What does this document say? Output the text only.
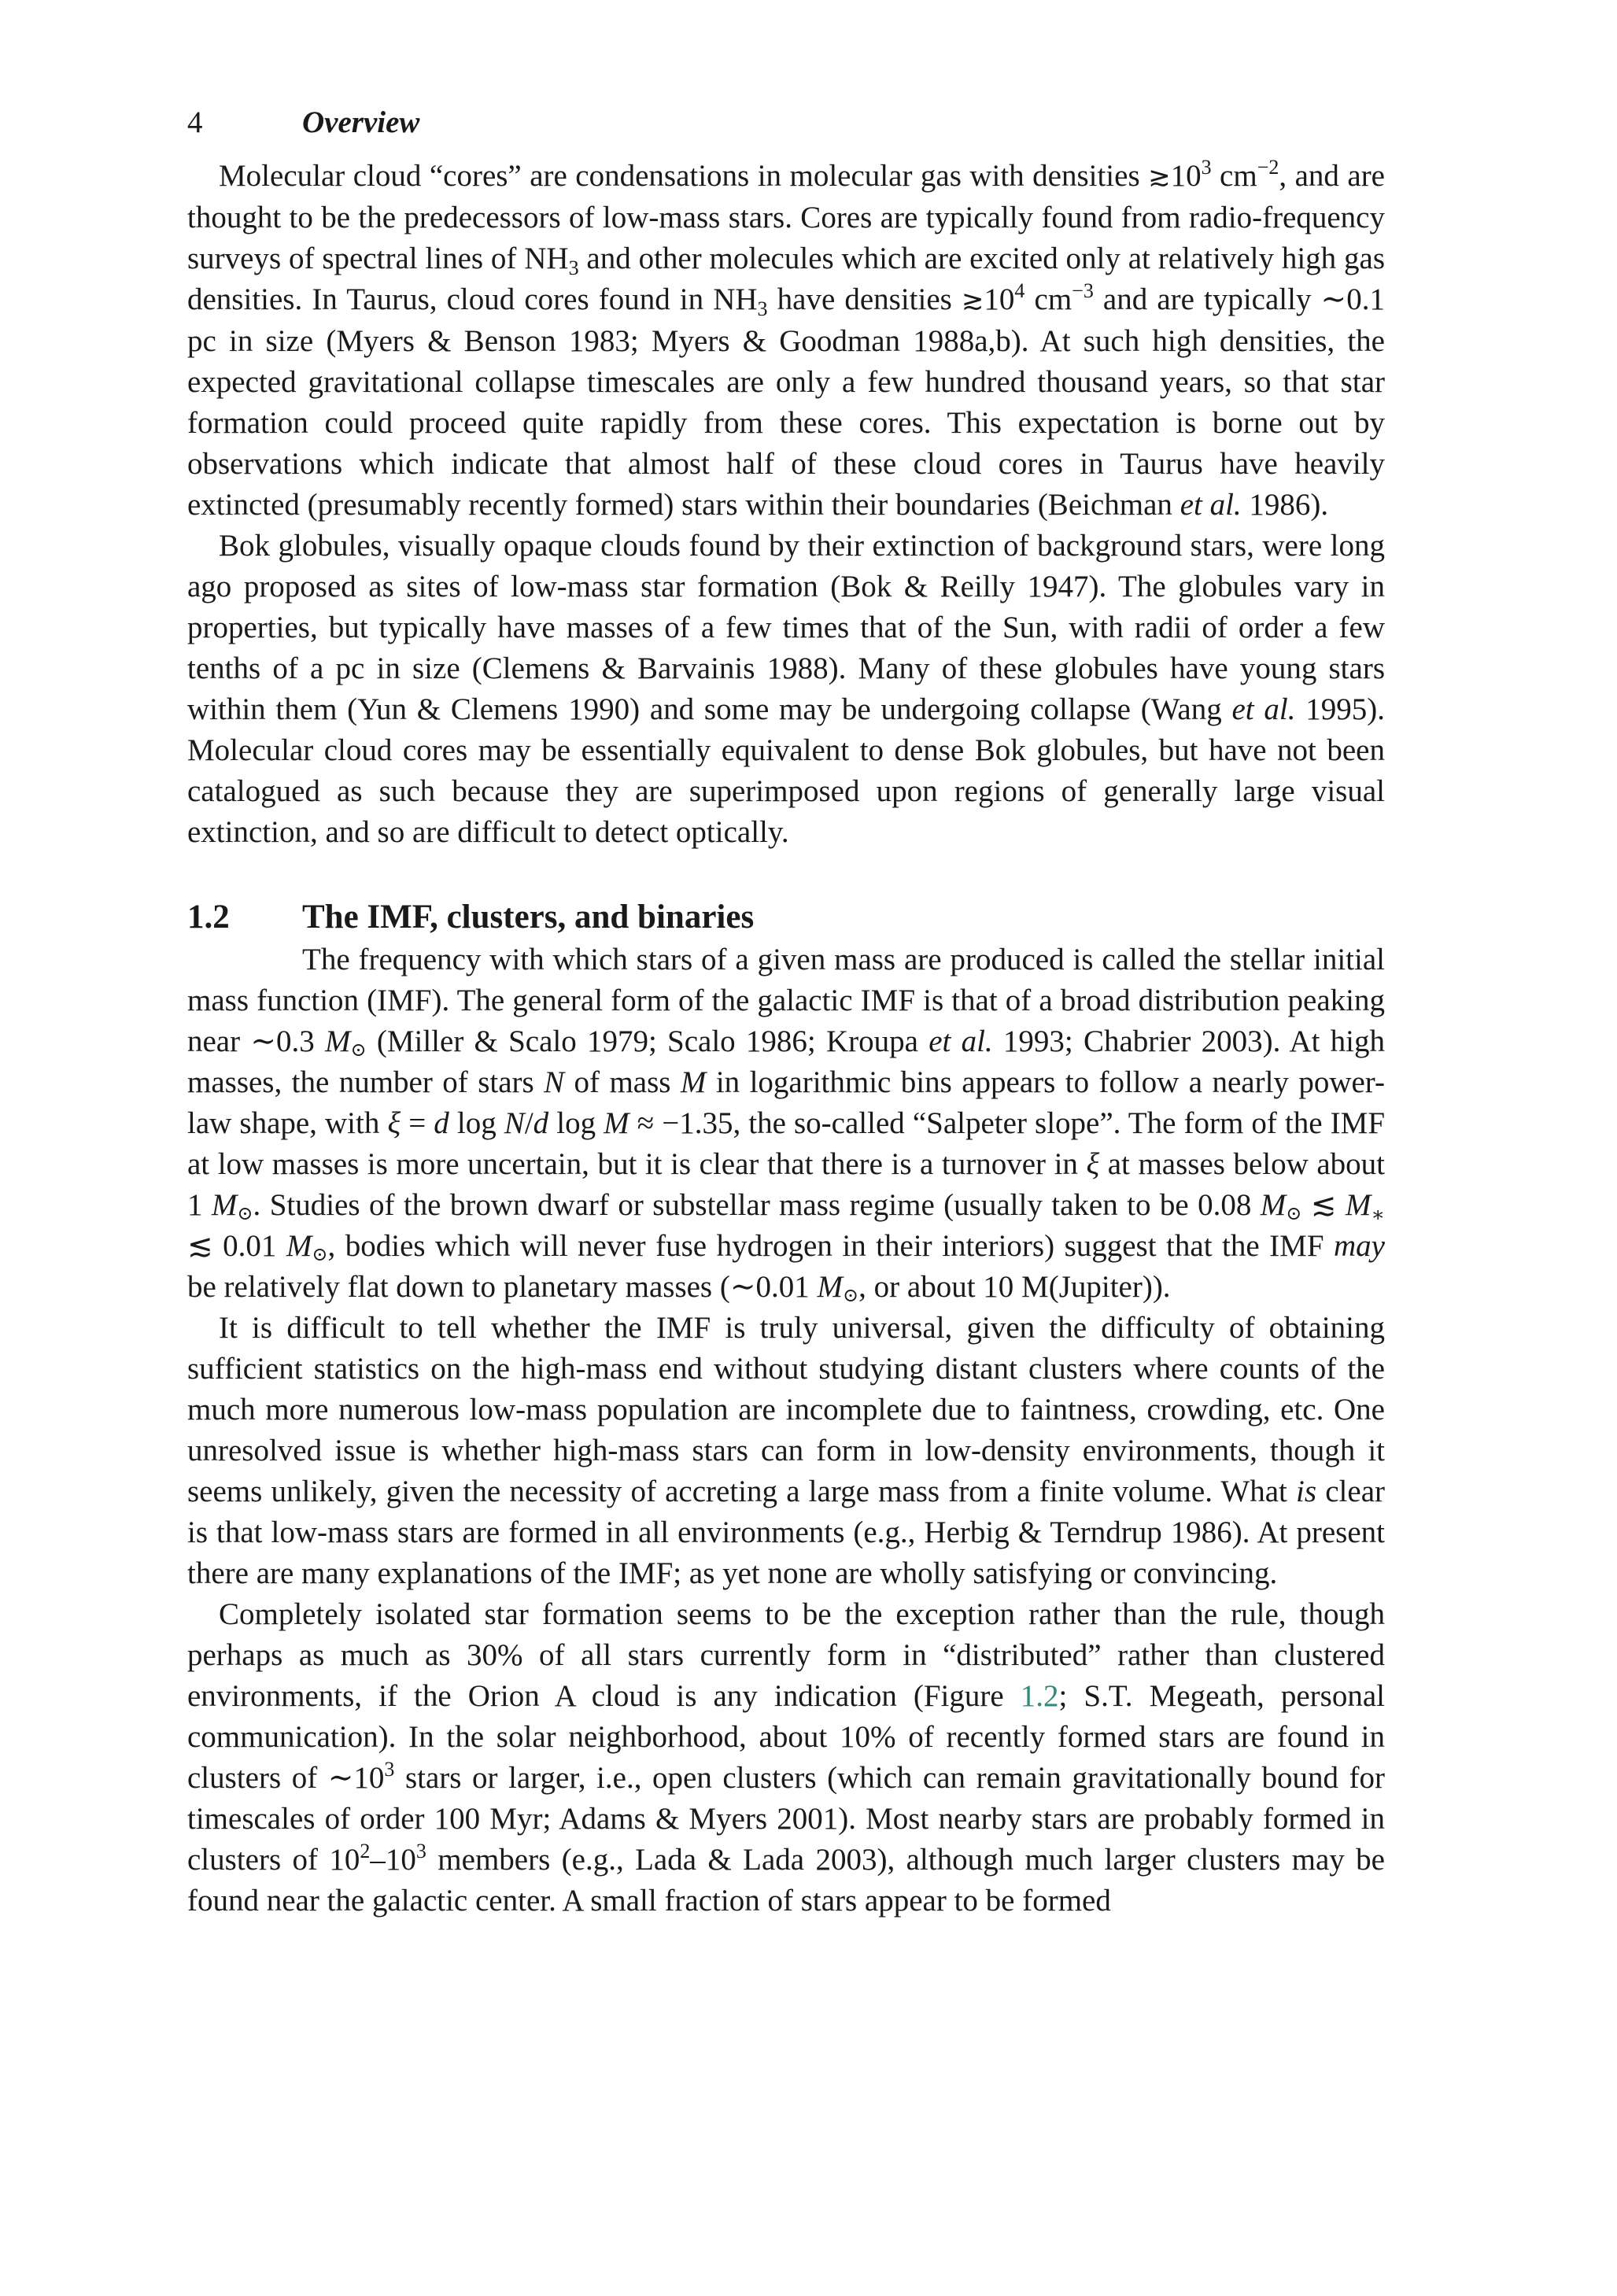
4	Overview

Molecular cloud “cores” are condensations in molecular gas with densities $≳10^3$ $cm^{-2}$, and are thought to be the predecessors of low-mass stars. Cores are typically found from radio-frequency surveys of spectral lines of $NH_3$ and other molecules which are excited only at relatively high gas densities. In Taurus, cloud cores found in $NH_3$ have densities $≳10^4$ $cm^{-3}$ and are typically ∼0.1 pc in size (Myers & Benson 1983; Myers & Goodman 1988a,b). At such high densities, the expected gravitational collapse timescales are only a few hundred thousand years, so that star formation could proceed quite rapidly from these cores. This expectation is borne out by observations which indicate that almost half of these cloud cores in Taurus have heavily extincted (presumably recently formed) stars within their boundaries (Beichman et al. 1986).

Bok globules, visually opaque clouds found by their extinction of background stars, were long ago proposed as sites of low-mass star formation (Bok & Reilly 1947). The globules vary in properties, but typically have masses of a few times that of the Sun, with radii of order a few tenths of a pc in size (Clemens & Barvainis 1988). Many of these globules have young stars within them (Yun & Clemens 1990) and some may be undergoing collapse (Wang et al. 1995). Molecular cloud cores may be essentially equivalent to dense Bok globules, but have not been catalogued as such because they are superimposed upon regions of generally large visual extinction, and so are difficult to detect optically.

1.2 The IMF, clusters, and binaries

The frequency with which stars of a given mass are produced is called the stellar initial mass function (IMF). The general form of the galactic IMF is that of a broad distribution peaking near ∼0.3 M⊙ (Miller & Scalo 1979; Scalo 1986; Kroupa et al. 1993; Chabrier 2003). At high masses, the number of stars N of mass M in logarithmic bins appears to follow a nearly power-law shape, with ξ = d log N/d log M ≈ −1.35, the so-called “Salpeter slope”. The form of the IMF at low masses is more uncertain, but it is clear that there is a turnover in ξ at masses below about 1 M⊙. Studies of the brown dwarf or substellar mass regime (usually taken to be 0.08 M⊙ ≲ $M_∗$ ≲ 0.01 M⊙, bodies which will never fuse hydrogen in their interiors) suggest that the IMF may be relatively flat down to planetary masses (∼0.01 M⊙, or about 10 M(Jupiter)).

It is difficult to tell whether the IMF is truly universal, given the difficulty of obtaining sufficient statistics on the high-mass end without studying distant clusters where counts of the much more numerous low-mass population are incomplete due to faintness, crowding, etc. One unresolved issue is whether high-mass stars can form in low-density environments, though it seems unlikely, given the necessity of accreting a large mass from a finite volume. What is clear is that low-mass stars are formed in all environments (e.g., Herbig & Terndrup 1986). At present there are many explanations of the IMF; as yet none are wholly satisfying or convincing.

Completely isolated star formation seems to be the exception rather than the rule, though perhaps as much as 30% of all stars currently form in “distributed” rather than clustered environments, if the Orion A cloud is any indication (Figure 1.2; S.T. Megeath, personal communication). In the solar neighborhood, about 10% of recently formed stars are found in clusters of $\sim 10^3$ stars or larger, i.e., open clusters (which can remain gravitationally bound for timescales of order 100 Myr; Adams & Myers 2001). Most nearby stars are probably formed in clusters of $10^2-10^3$ members (e.g., Lada & Lada 2003), although much larger clusters may be found near the galactic center. A small fraction of stars appear to be formed
